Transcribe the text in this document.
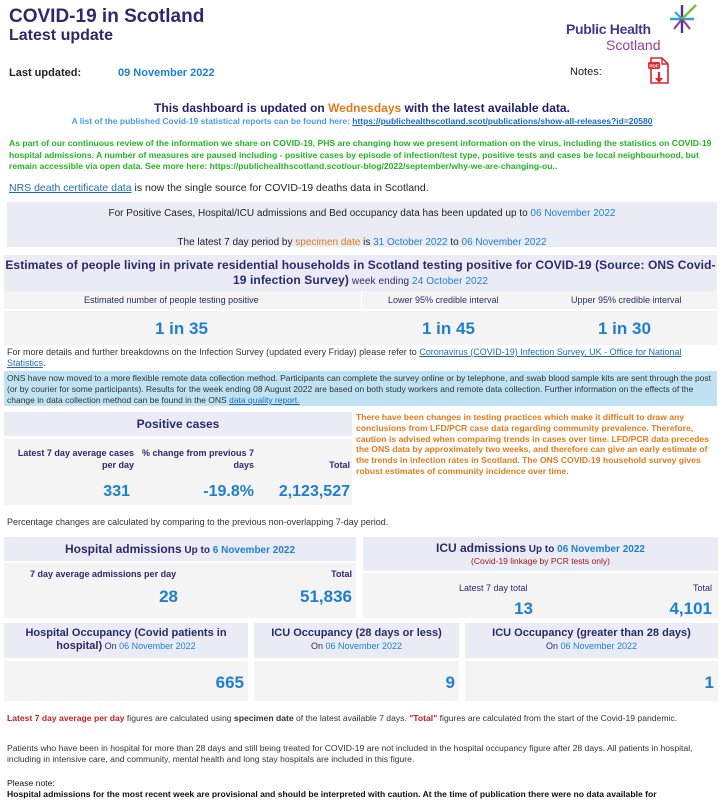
COVID-19 in Scotland
Latest update
Last updated:	09 November 2022
Public Health
Scotland
Notes:	PDF
This dashboard is updated on Wednesdays with the latest available data.
A list of the published Covid-19 statistical reports can be found here: https://publichealthscotland.scot/publications/show-all-releases?id=20580
As part of our continuous review of the information we share on COVID-19, PHS are changing how we present information on the virus, including the statistics on COVID-19 hospital admissions. A number of measures are paused including - positive cases by episode of infection/test type, positive tests and cases be local neighbourhood, but remain accessible via open data. See more here: https://publichealthscotland.scot/our-blog/2022/september/why-we-are-changing-ou..
NRS death certificate data is now the single source for COVID-19 deaths data in Scotland.
For Positive Cases, Hospital/ICU admissions and Bed occupancy data has been updated up to 06 November 2022
The latest 7 day period by specimen date is 31 October 2022 to 06 November 2022
Estimates of people living in private residential households in Scotland testing positive for COVID-19 (Source: ONS Covid-19 infection Survey) week ending 24 October 2022
Estimated number of people testing positive	Lower 95% credible interval	Upper 95% credible interval
1 in 35	1 in 45	1 in 30
For more details and further breakdowns on the Infection Survey (updated every Friday) please refer to Coronavirus (COVID-19) Infection Survey, UK - Office for National Statistics.
ONS have now moved to a more flexible remote data collection method. Participants can complete the survey online or by telephone, and swab blood sample kits are sent through the post (or by courier for some participants). Results for the week ending 08 August 2022 are based on both study workers and remote data collection. Further information on the effects of the change in data collection method can be found in the ONS data quality report.
Positive cases
Latest 7 day average cases per day
% change from previous 7 days	Total
331	-19.8% 2,123,527
There have been changes in testing practices which make it difficult to draw any conclusions from LFD/PCR case data regarding community prevalence. Therefore, caution is advised when comparing trends in cases over time. LFD/PCR data precedes the ONS data by approximately two weeks, and therefore can give an early estimate of the trends in infection rates in Scotland. The ONS COVID-19 household survey gives robust estimates of community incidence over time.
Percentage changes are calculated by comparing to the previous non-overlapping 7-day period.
Hospital admissions Up to 6 November 2022
7 day average admissions per day	Total
28	51,836
ICU admissions Up to 06 November 2022
(Covid-19 linkage by PCR tests only)
Latest 7 day total	Total
13	4,101
Hospital Occupancy (Covid patients in hospital) On 06 November 2022
665
ICU Occupancy (28 days or less)
On 06 November 2022
9
ICU Occupancy (greater than 28 days)
On 06 November 2022
1
Latest 7 day average per day figures are calculated using specimen date of the latest available 7 days. "Total" figures are calculated from the start of the Covid-19 pandemic.
Patients who have been in hospital for more than 28 days and still being treated for COVID-19 are not included in the hospital occupancy figure after 28 days. All patients in hospital, including in intensive care, and community, mental health and long stay hospitals are included in this figure.
Please note:
Hospital admissions for the most recent week are provisional and should be interpreted with caution. At the time of publication there were no data available for
